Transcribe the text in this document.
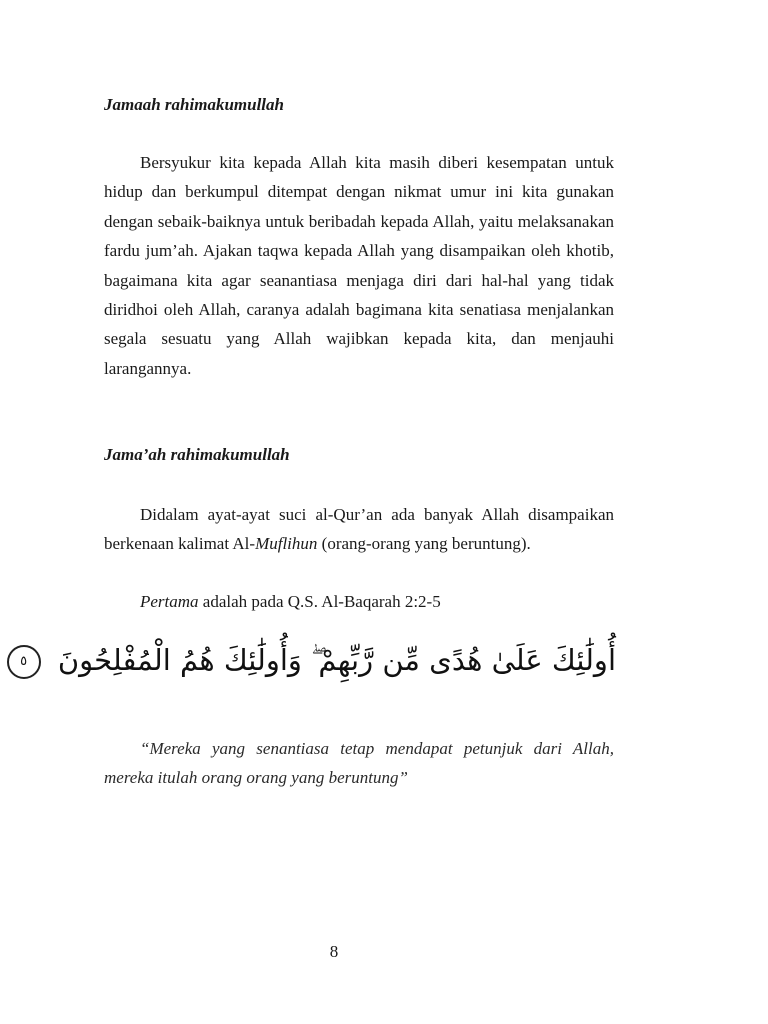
Jamaah rahimakumullah

Bersyukur kita kepada Allah kita masih diberi kesempatan untuk hidup dan berkumpul ditempat dengan nikmat umur ini kita gunakan dengan sebaik-baiknya untuk beribadah kepada Allah, yaitu melaksanakan fardu jum’ah. Ajakan taqwa kepada Allah yang disampaikan oleh khotib, bagaimana kita agar seanantiasa menjaga diri dari hal-hal yang tidak diridhoi oleh Allah, caranya adalah bagimana kita senatiasa menjalankan segala sesuatu yang Allah wajibkan kepada kita, dan menjauhi larangannya.

Jama’ah rahimakumullah

Didalam ayat-ayat suci al-Qur’an ada banyak Allah disampaikan berkenaan kalimat Al-Muflihun (orang-orang yang beruntung).

Pertama adalah pada Q.S. Al-Baqarah 2:2-5

أُولَٰئِكَ عَلَىٰ هُدًى مِّن رَّبِّهِمْ ۖ وَأُولَٰئِكَ هُمُ الْمُفْلِحُونَ ٥

“Mereka yang senantiasa tetap mendapat petunjuk dari Allah, mereka itulah orang orang yang beruntung”

8
